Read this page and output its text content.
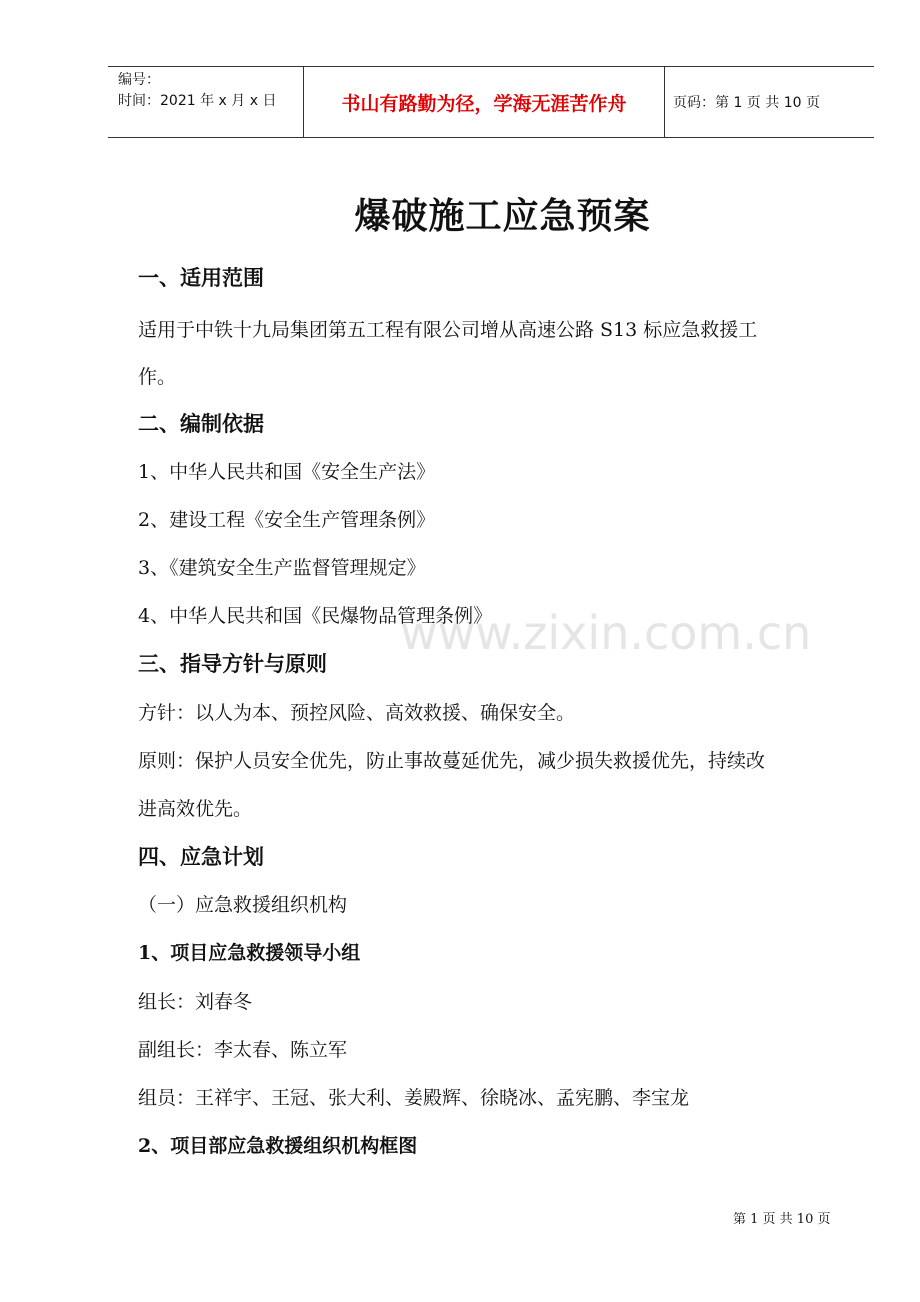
编号：
时间：2021 年 x 月 x 日	书山有路勤为径，学海无涯苦作舟	页码：第 1 页 共 10 页
爆破施工应急预案
一、适用范围
适用于中铁十九局集团第五工程有限公司增从高速公路 S13 标应急救援工
作。
二、编制依据
1、中华人民共和国《安全生产法》
2、建设工程《安全生产管理条例》
3、《建筑安全生产监督管理规定》
4、中华人民共和国《民爆物品管理条例》
三、指导方针与原则
方针：以人为本、预控风险、高效救援、确保安全。
原则：保护人员安全优先，防止事故蔓延优先，减少损失救援优先，持续改
进高效优先。
四、应急计划
（一）应急救援组织机构
1、项目应急救援领导小组
组长：刘春冬
副组长：李太春、陈立军
组员：王祥宇、王冠、张大利、姜殿辉、徐晓冰、孟宪鹏、李宝龙
2、项目部应急救援组织机构框图
www.zixin.com.cn
第 1 页 共 10 页
